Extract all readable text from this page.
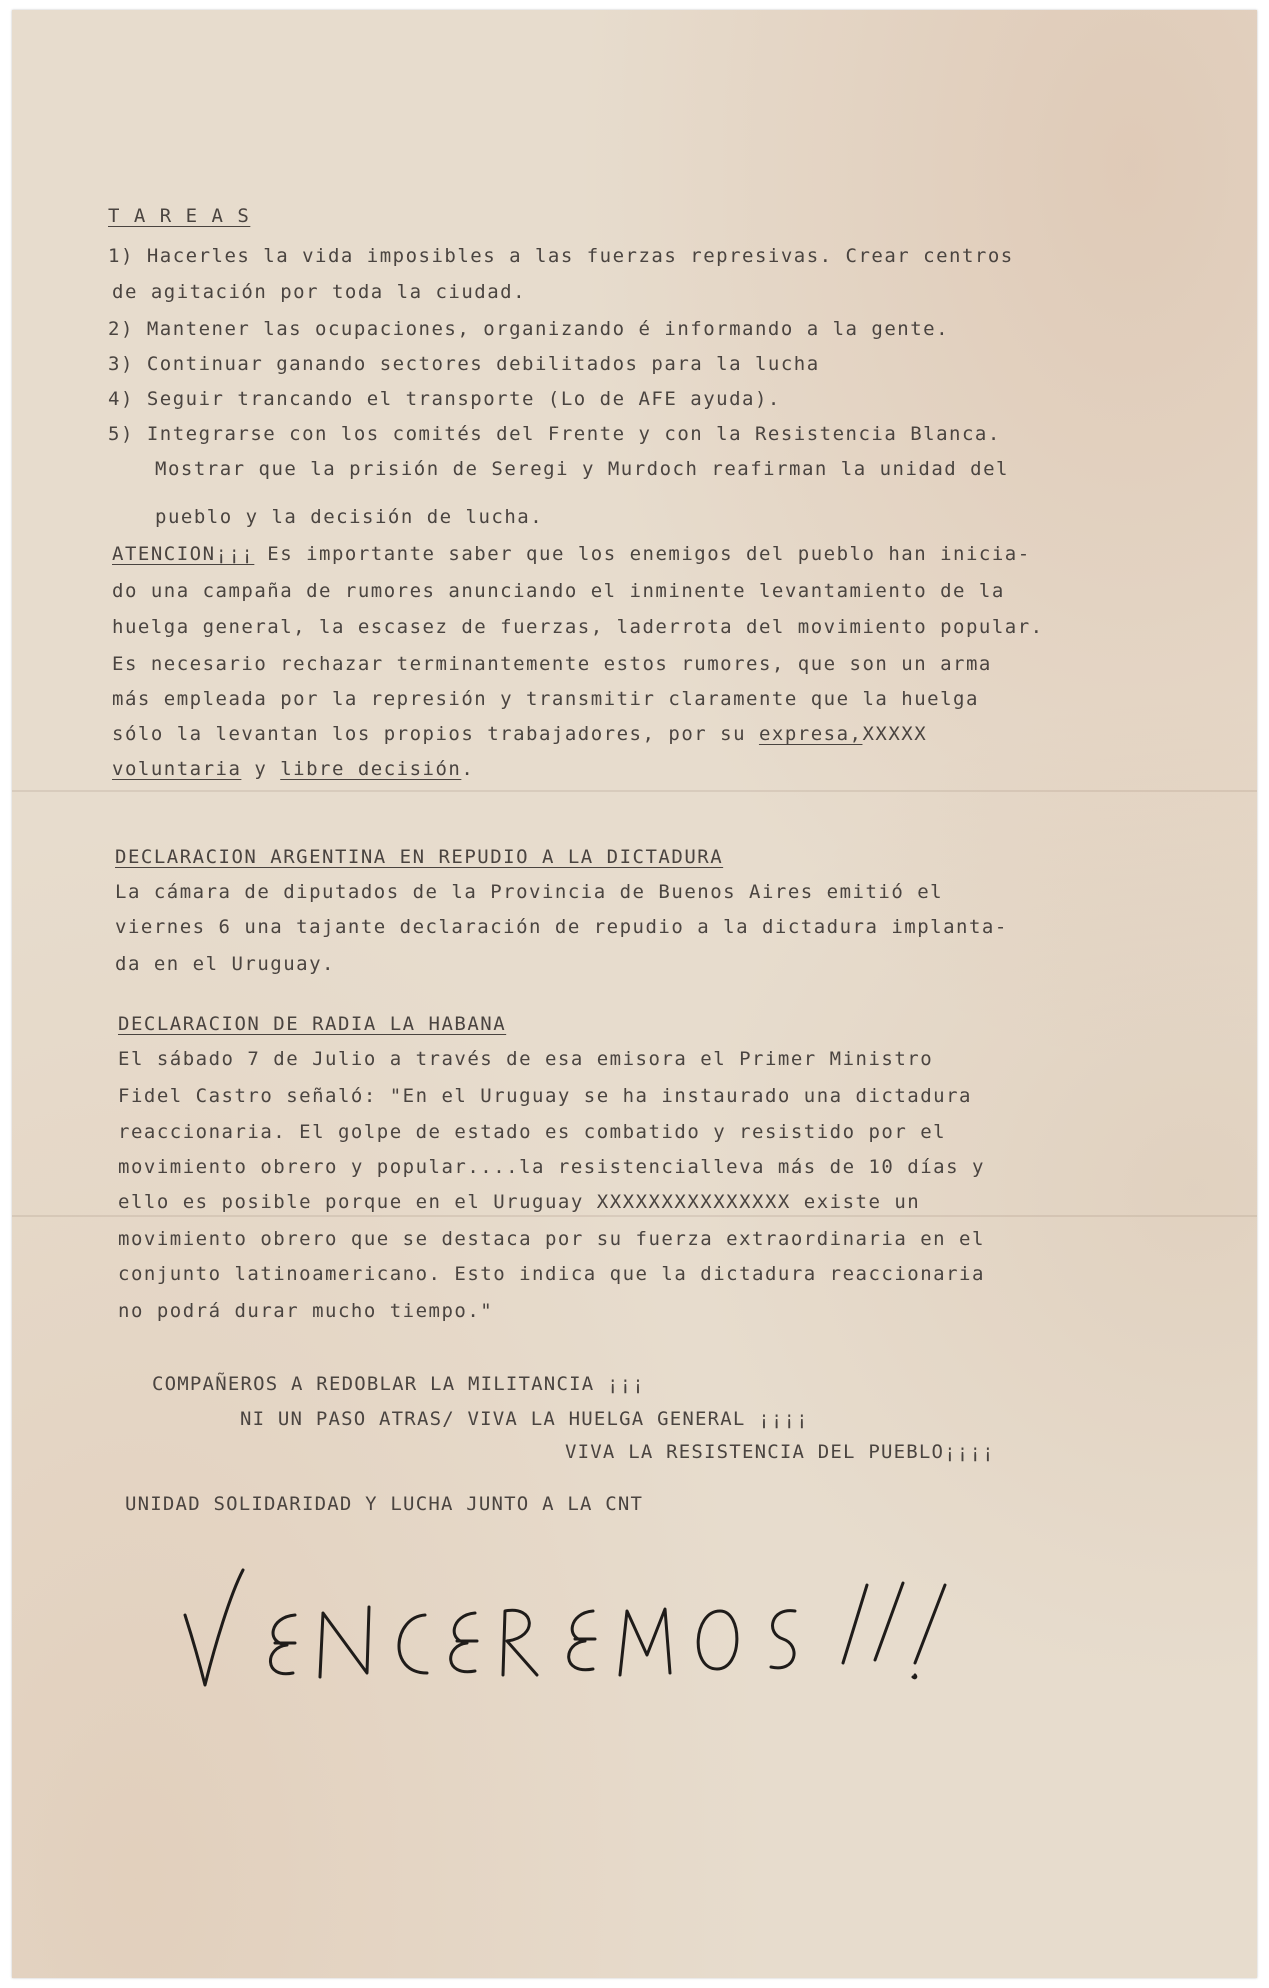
T A R E A S
1) Hacerles la vida imposibles a las fuerzas represivas. Crear centros
de agitación por toda la ciudad.
2) Mantener las ocupaciones, organizando é informando a la gente.
3) Continuar ganando sectores debilitados para la lucha
4) Seguir trancando el transporte (Lo de AFE ayuda).
5) Integrarse con los comités del Frente y con la Resistencia Blanca.
Mostrar que la prisión de Seregi y Murdoch reafirman la unidad del
pueblo y la decisión de lucha.
ATENCION¡¡¡ Es importante saber que los enemigos del pueblo han inicia-
do una campaña de rumores anunciando el inminente levantamiento de la
huelga general, la escasez de fuerzas, laderrota del movimiento popular.
Es necesario rechazar terminantemente estos rumores, que son un arma
más empleada por la represión y transmitir claramente que la huelga
sólo la levantan los propios trabajadores, por su expresa,XXXXX
voluntaria y libre decisión.
DECLARACION ARGENTINA EN REPUDIO A LA DICTADURA
La cámara de diputados de la Provincia de Buenos Aires emitió el
viernes 6 una tajante declaración de repudio a la dictadura implanta-
da en el Uruguay.
DECLARACION DE RADIA LA HABANA
El sábado 7 de Julio a través de esa emisora el Primer Ministro
Fidel Castro señaló: "En el Uruguay se ha instaurado una dictadura
reaccionaria. El golpe de estado es combatido y resistido por el
movimiento obrero y popular....la resistencialleva más de 10 días y
ello es posible porque en el Uruguay XXXXXXXXXXXXXXX existe un
movimiento obrero que se destaca por su fuerza extraordinaria en el
conjunto latinoamericano. Esto indica que la dictadura reaccionaria
no podrá durar mucho tiempo."
COMPAÑEROS A REDOBLAR LA MILITANCIA ¡¡¡
NI UN PASO ATRAS/ VIVA LA HUELGA GENERAL ¡¡¡¡
VIVA LA RESISTENCIA DEL PUEBLO¡¡¡¡
UNIDAD SOLIDARIDAD Y LUCHA JUNTO A LA CNT
